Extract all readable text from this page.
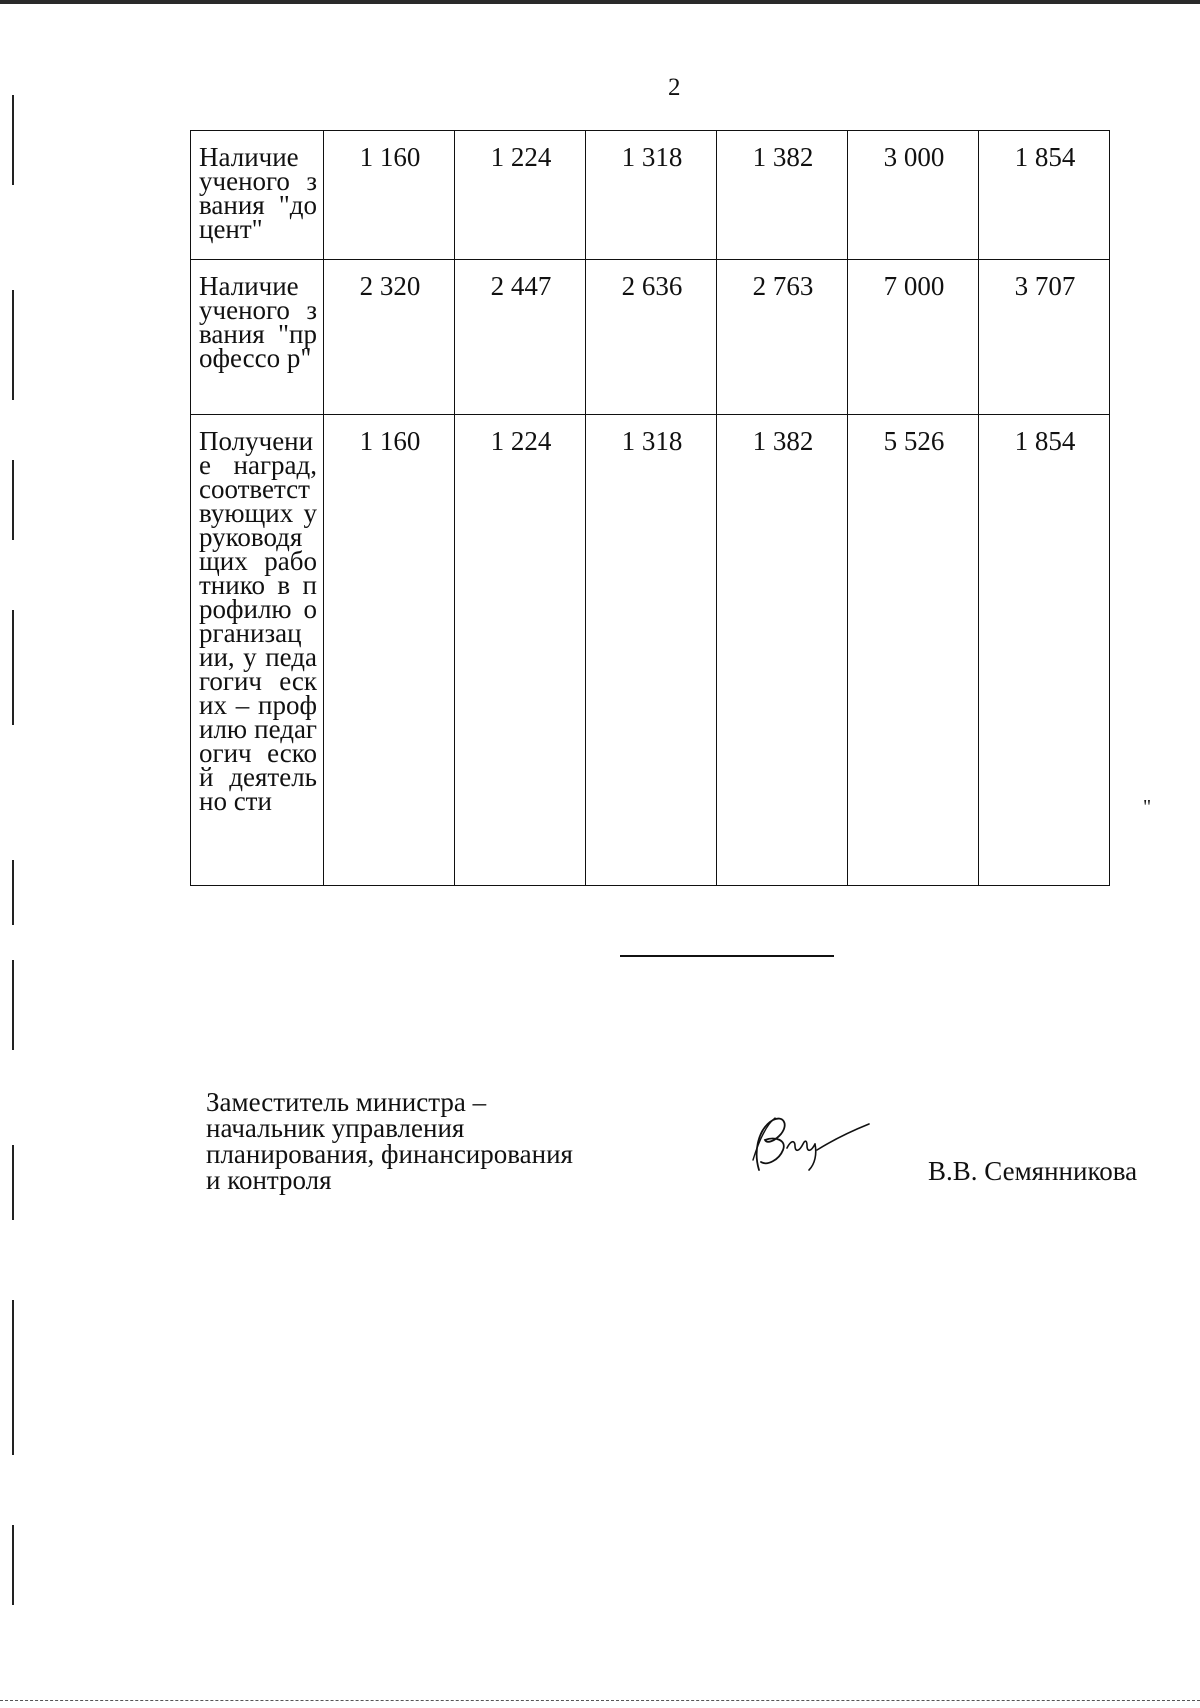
2
Наличие ученого звания "доцент"	1 160	1 224	1 318	1 382	3 000	1 854
Наличие ученого звания "профессо р"	2 320	2 447	2 636	2 763	7 000	3 707
Получени е наград, соответст вующих у руководя щих работнико в профилю организац ии, у педагогич еских – профилю педагогич еской деятельно сти	1 160	1 224	1 318	1 382	5 526	1 854
"
Заместитель министра –
начальник управления
планирования, финансирования
и контроля	В.В. Семянникова
